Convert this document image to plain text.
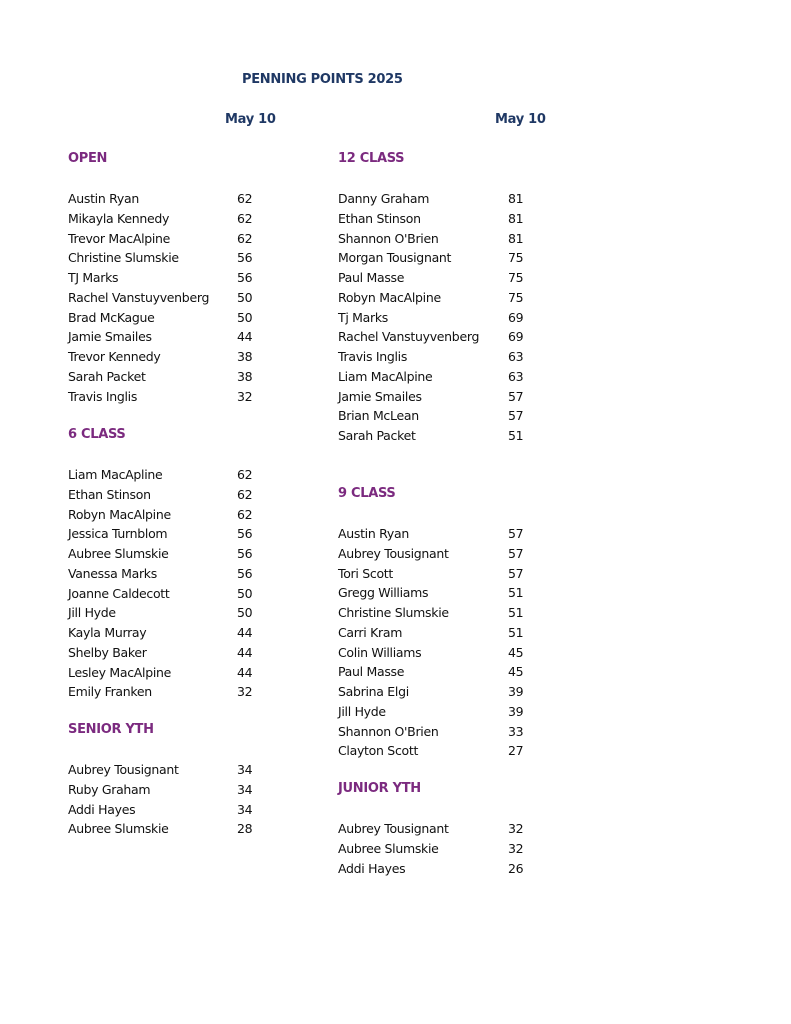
PENNING POINTS 2025
May 10	May 10
OPEN
Austin Ryan	62
Mikayla Kennedy	62
Trevor MacAlpine	62
Christine Slumskie	56
TJ Marks	56
Rachel Vanstuyvenberg 50
Brad McKague	50
Jamie Smailes	44
Trevor Kennedy	38
Sarah Packet	38
Travis Inglis	32
6 CLASS
Liam MacApline	62
Ethan Stinson	62
Robyn MacAlpine	62
Jessica Turnblom	56
Aubree Slumskie	56
Vanessa Marks	56
Joanne Caldecott	50
Jill Hyde	50
Kayla Murray	44
Shelby Baker	44
Lesley MacAlpine	44
Emily Franken	32
SENIOR YTH
Aubrey Tousignant	34
Ruby Graham	34
Addi Hayes	34
Aubree Slumskie	28
12 CLASS
Danny Graham	81
Ethan Stinson	81
Shannon O'Brien	81
Morgan Tousignant	75
Paul Masse	75
Robyn MacAlpine	75
Tj Marks	69
Rachel Vanstuyvenberg 69
Travis Inglis	63
Liam MacAlpine	63
Jamie Smailes	57
Brian McLean	57
Sarah Packet	51
9 CLASS
Austin Ryan	57
Aubrey Tousignant	57
Tori Scott	57
Gregg Williams	51
Christine Slumskie	51
Carri Kram	51
Colin Williams	45
Paul Masse	45
Sabrina Elgi	39
Jill Hyde	39
Shannon O'Brien	33
Clayton Scott	27
JUNIOR YTH
Aubrey Tousignant	32
Aubree Slumskie	32
Addi Hayes	26
